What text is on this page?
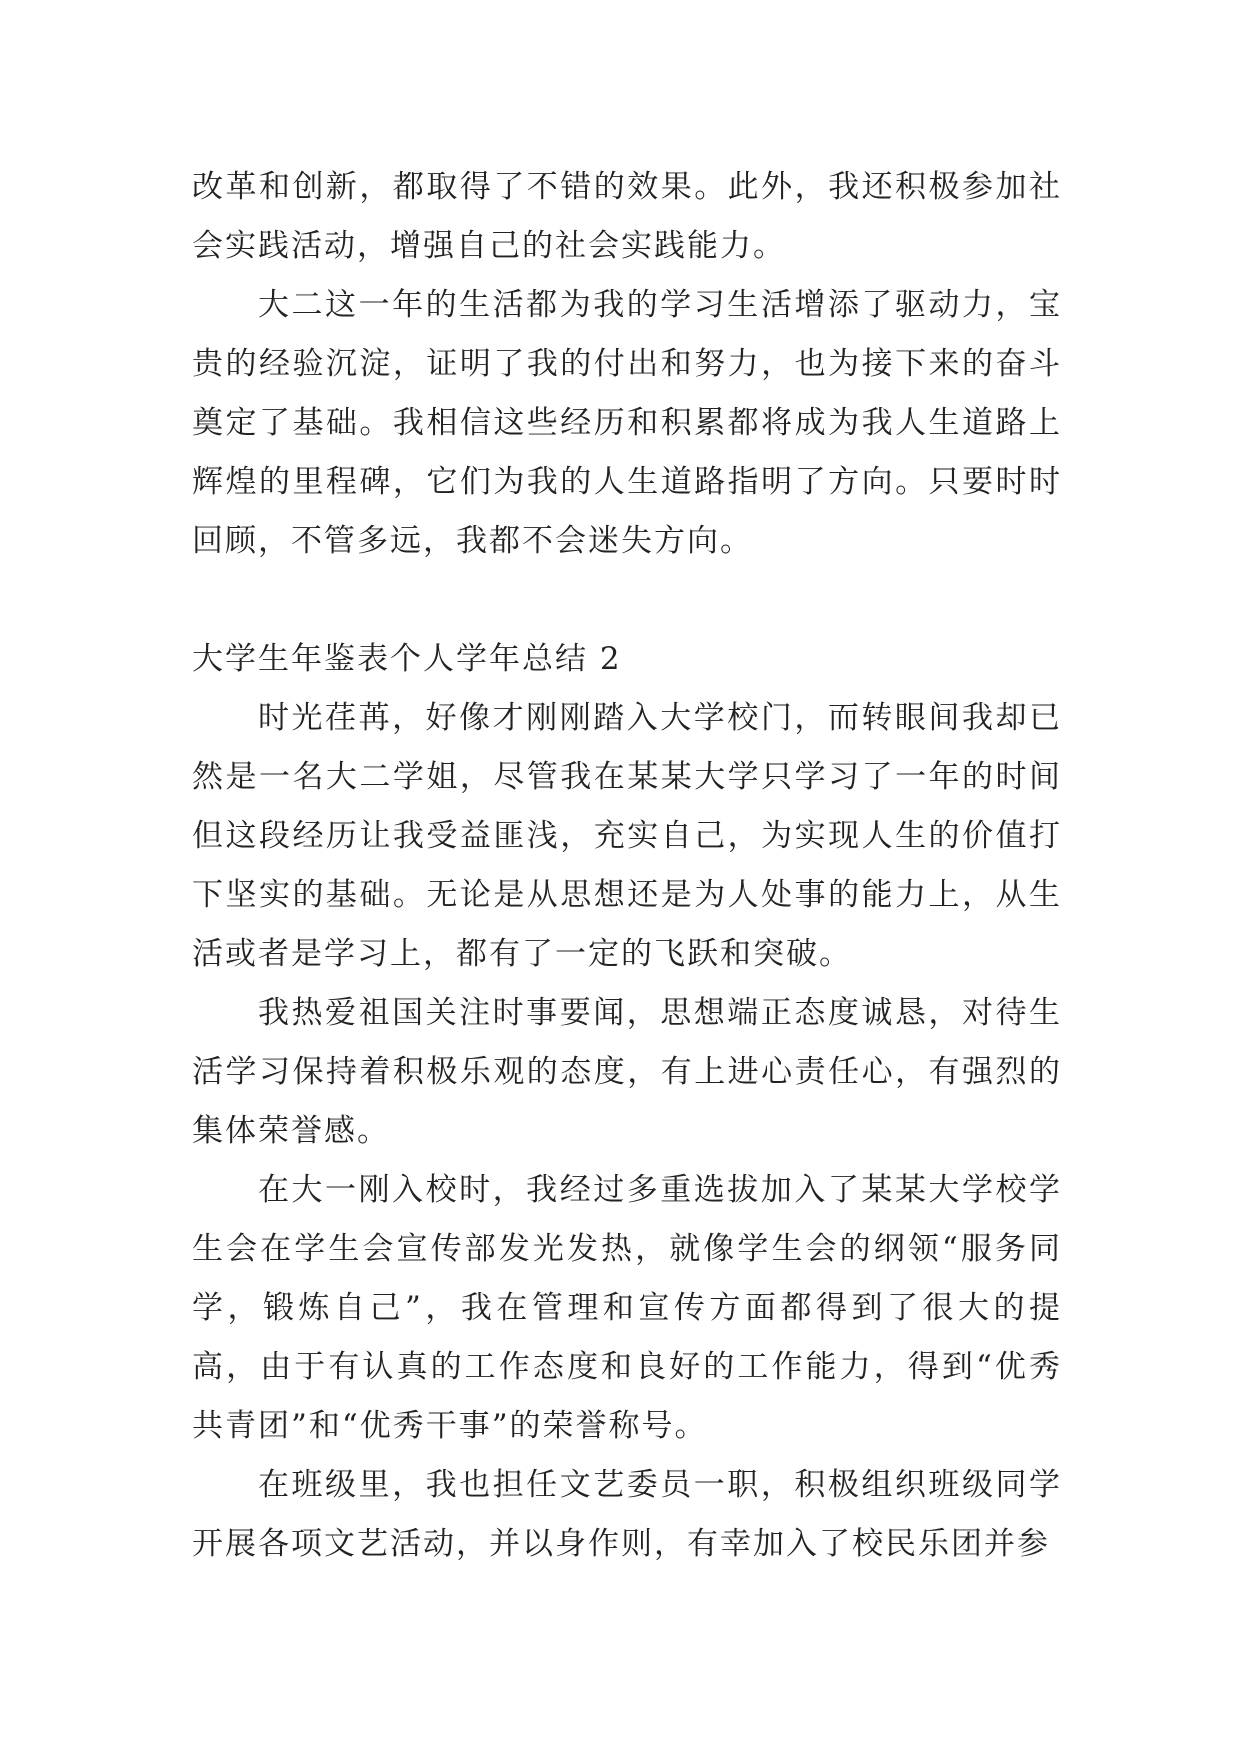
改革和创新，都取得了不错的效果。此外，我还积极参加社会实践活动，增强自己的社会实践能力。

大二这一年的生活都为我的学习生活增添了驱动力，宝贵的经验沉淀，证明了我的付出和努力，也为接下来的奋斗奠定了基础。我相信这些经历和积累都将成为我人生道路上辉煌的里程碑，它们为我的人生道路指明了方向。只要时时回顾，不管多远，我都不会迷失方向。

大学生年鉴表个人学年总结 2

时光荏苒，好像才刚刚踏入大学校门，而转眼间我却已然是一名大二学姐，尽管我在某某大学只学习了一年的时间但这段经历让我受益匪浅，充实自己，为实现人生的价值打下坚实的基础。无论是从思想还是为人处事的能力上，从生活或者是学习上，都有了一定的飞跃和突破。

我热爱祖国关注时事要闻，思想端正态度诚恳，对待生活学习保持着积极乐观的态度，有上进心责任心，有强烈的集体荣誉感。

在大一刚入校时，我经过多重选拔加入了某某大学校学生会在学生会宣传部发光发热，就像学生会的纲领“服务同学，锻炼自己”，我在管理和宣传方面都得到了很大的提高，由于有认真的工作态度和良好的工作能力，得到“优秀共青团”和“优秀干事”的荣誉称号。

在班级里，我也担任文艺委员一职，积极组织班级同学开展各项文艺活动，并以身作则，有幸加入了校民乐团并参
